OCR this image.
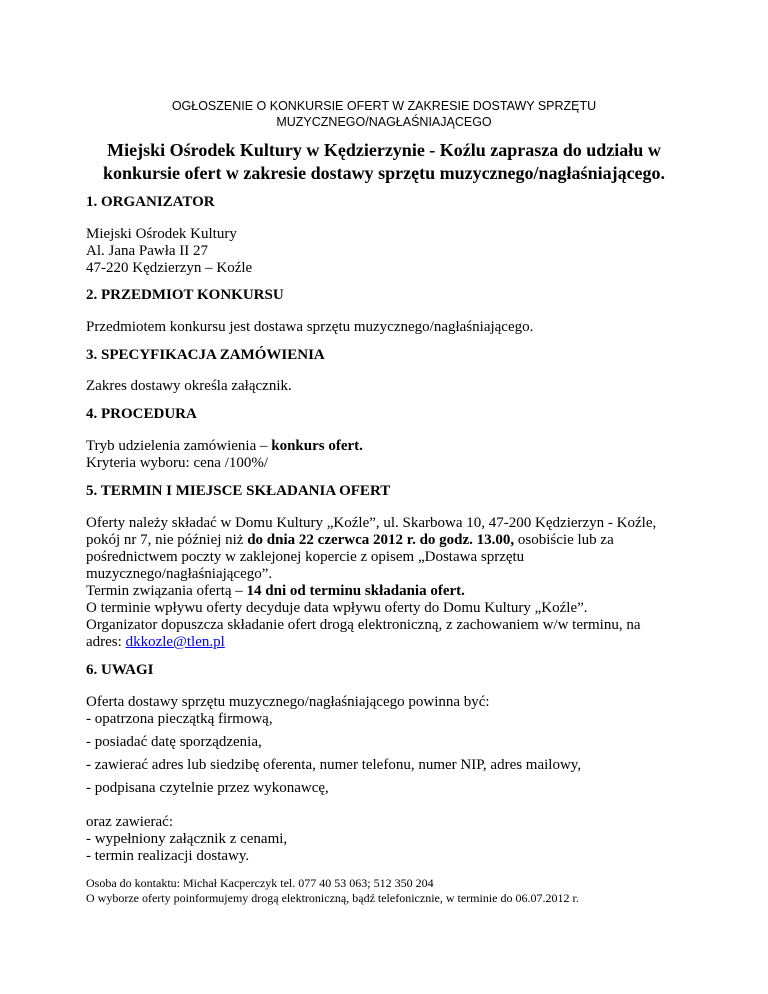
OGŁOSZENIE O KONKURSIE OFERT W ZAKRESIE DOSTAWY SPRZĘTU
MUZYCZNEGO/NAGŁAŚNIAJĄCEGO
Miejski Ośrodek Kultury w Kędzierzynie - Koźlu zaprasza do udziału w
konkursie ofert w zakresie dostawy sprzętu muzycznego/nagłaśniającego.
1. ORGANIZATOR
Miejski Ośrodek Kultury
Al. Jana Pawła II 27
47-220 Kędzierzyn – Koźle
2. PRZEDMIOT KONKURSU
Przedmiotem konkursu jest dostawa sprzętu muzycznego/nagłaśniającego.
3. SPECYFIKACJA ZAMÓWIENIA
Zakres dostawy określa załącznik.
4. PROCEDURA
Tryb udzielenia zamówienia – konkurs ofert.
Kryteria wyboru: cena /100%/
5. TERMIN I MIEJSCE SKŁADANIA OFERT
Oferty należy składać w Domu Kultury „Koźle”, ul. Skarbowa 10, 47-200 Kędzierzyn - Koźle,
pokój nr 7, nie później niż do dnia 22 czerwca 2012 r. do godz. 13.00, osobiście lub za
pośrednictwem poczty w zaklejonej kopercie z opisem „Dostawa sprzętu
muzycznego/nagłaśniającego”.
Termin związania ofertą – 14 dni od terminu składania ofert.
O terminie wpływu oferty decyduje data wpływu oferty do Domu Kultury „Koźle”.
Organizator dopuszcza składanie ofert drogą elektroniczną, z zachowaniem w/w terminu, na
adres: dkkozle@tlen.pl
6. UWAGI
Oferta dostawy sprzętu muzycznego/nagłaśniającego powinna być:
- opatrzona pieczątką firmową,
- posiadać datę sporządzenia,
- zawierać adres lub siedzibę oferenta, numer telefonu, numer NIP, adres mailowy,
- podpisana czytelnie przez wykonawcę,
oraz zawierać:
- wypełniony załącznik z cenami,
- termin realizacji dostawy.
Osoba do kontaktu: Michał Kacperczyk tel. 077 40 53 063; 512 350 204
O wyborze oferty poinformujemy drogą elektroniczną, bądź telefonicznie, w terminie do 06.07.2012 r.
